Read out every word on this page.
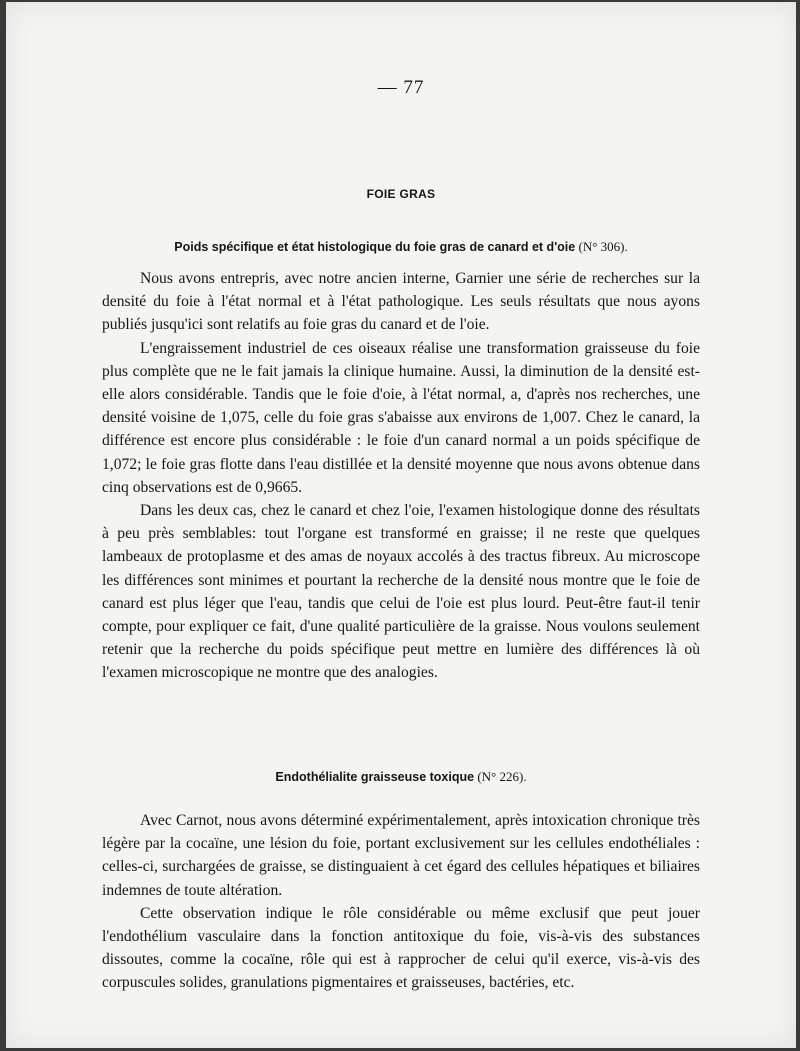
— 77
FOIE GRAS
Poids spécifique et état histologique du foie gras de canard et d'oie (N° 306).

Nous avons entrepris, avec notre ancien interne, Garnier une série de recherches sur la densité du foie à l'état normal et à l'état pathologique. Les seuls résultats que nous ayons publiés jusqu'ici sont relatifs au foie gras du canard et de l'oie.

L'engraissement industriel de ces oiseaux réalise une transformation graisseuse du foie plus complète que ne le fait jamais la clinique humaine. Aussi, la diminution de la densité est-elle alors considérable. Tandis que le foie d'oie, à l'état normal, a, d'après nos recherches, une densité voisine de 1,075, celle du foie gras s'abaisse aux environs de 1,007. Chez le canard, la différence est encore plus considérable : le foie d'un canard normal a un poids spécifique de 1,072; le foie gras flotte dans l'eau distillée et la densité moyenne que nous avons obtenue dans cinq observations est de 0,9665.

Dans les deux cas, chez le canard et chez l'oie, l'examen histologique donne des résultats à peu près semblables: tout l'organe est transformé en graisse; il ne reste que quelques lambeaux de protoplasme et des amas de noyaux accolés à des tractus fibreux. Au microscope les différences sont minimes et pourtant la recherche de la densité nous montre que le foie de canard est plus léger que l'eau, tandis que celui de l'oie est plus lourd. Peut-être faut-il tenir compte, pour expliquer ce fait, d'une qualité particulière de la graisse. Nous voulons seulement retenir que la recherche du poids spécifique peut mettre en lumière des différences là où l'examen microscopique ne montre que des analogies.

Endothélialite graisseuse toxique (N° 226).

Avec Carnot, nous avons déterminé expérimentalement, après intoxication chronique très légère par la cocaïne, une lésion du foie, portant exclusivement sur les cellules endothéliales : celles-ci, surchargées de graisse, se distinguaient à cet égard des cellules hépatiques et biliaires indemnes de toute altération.

Cette observation indique le rôle considérable ou même exclusif que peut jouer l'endothélium vasculaire dans la fonction antitoxique du foie, vis-à-vis des substances dissoutes, comme la cocaïne, rôle qui est à rapprocher de celui qu'il exerce, vis-à-vis des corpuscules solides, granulations pigmentaires et graisseuses, bactéries, etc.
